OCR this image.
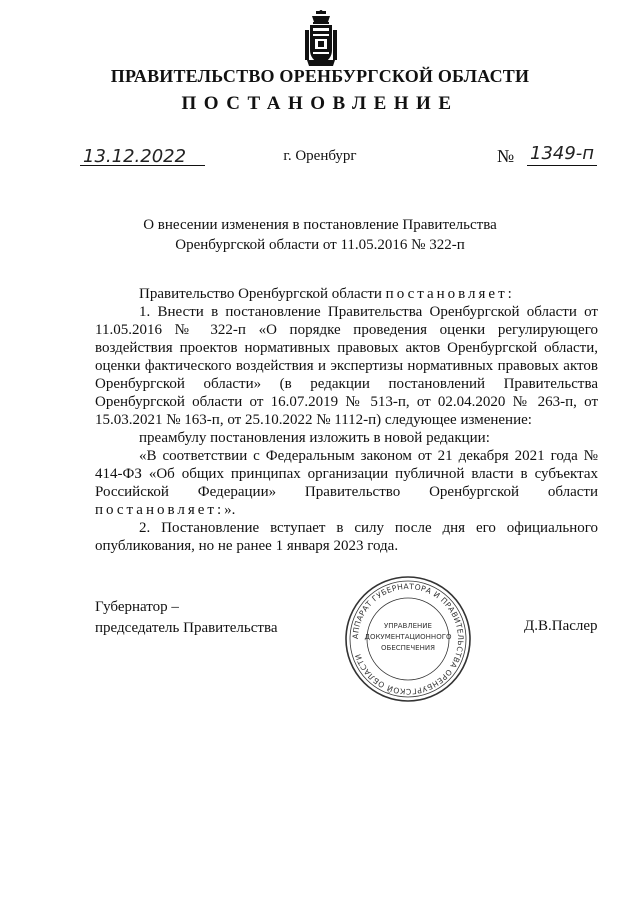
ПРАВИТЕЛЬСТВО ОРЕНБУРГСКОЙ ОБЛАСТИ
ПОСТАНОВЛЕНИЕ
13.12.2022	г. Оренбург	№ 1349-п
О внесении изменения в постановление Правительства
Оренбургской области от 11.05.2016 № 322-п

Правительство Оренбургской области постановляет:

1. Внести в постановление Правительства Оренбургской области от 11.05.2016 № 322-п «О порядке проведения оценки регулирующего воздействия проектов нормативных правовых актов Оренбургской области, оценки фактического воздействия и экспертизы нормативных правовых актов Оренбургской области» (в редакции постановлений Правительства Оренбургской области от 16.07.2019 № 513-п, от 02.04.2020 № 263-п, от 15.03.2021 № 163-п, от 25.10.2022 № 1112-п) следующее изменение:

преамбулу постановления изложить в новой редакции:

«В соответствии с Федеральным законом от 21 декабря 2021 года № 414-ФЗ «Об общих принципах организации публичной власти в субъектах Российской Федерации» Правительство Оренбургской области постановляет:».

2. Постановление вступает в силу после дня его официального опубликования, но не ранее 1 января 2023 года.

Губернатор –
председатель Правительства	Д.В.Паслер
АППАРАТ ГУБЕРНАТОРА И ПРАВИТЕЛЬСТВА ОРЕНБУРГСКОЙ ОБЛАСТИ
УПРАВЛЕНИЕ
ДОКУМЕНТАЦИОННОГО
ОБЕСПЕЧЕНИЯ
